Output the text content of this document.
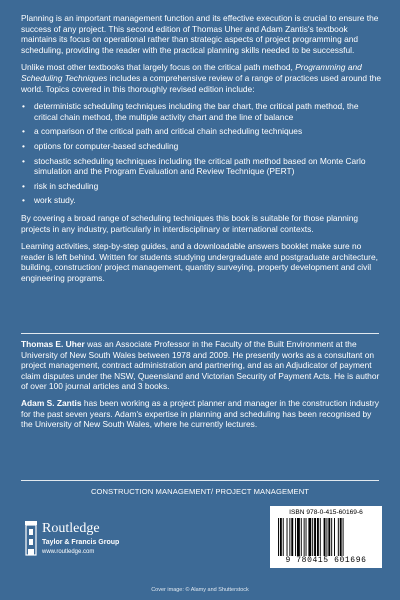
Planning is an important management function and its effective execution is crucial to ensure the success of any project. This second edition of Thomas Uher and Adam Zantis's textbook maintains its focus on operational rather than strategic aspects of project programming and scheduling, providing the reader with the practical planning skills needed to be successful.

Unlike most other textbooks that largely focus on the critical path method, Programming and Scheduling Techniques includes a comprehensive review of a range of practices used around the world. Topics covered in this thoroughly revised edition include:

• deterministic scheduling techniques including the bar chart, the critical path method, the critical chain method, the multiple activity chart and the line of balance
• a comparison of the critical path and critical chain scheduling techniques
• options for computer-based scheduling
• stochastic scheduling techniques including the critical path method based on Monte Carlo simulation and the Program Evaluation and Review Technique (PERT)
• risk in scheduling
• work study.

By covering a broad range of scheduling techniques this book is suitable for those planning projects in any industry, particularly in interdisciplinary or international contexts.

Learning activities, step-by-step guides, and a downloadable answers booklet make sure no reader is left behind. Written for students studying undergraduate and postgraduate architecture, building, construction/ project management, quantity surveying, property development and civil engineering programs.

Thomas E. Uher was an Associate Professor in the Faculty of the Built Environment at the University of New South Wales between 1978 and 2009. He presently works as a consultant on project management, contract administration and partnering, and as an Adjudicator of payment claim disputes under the NSW, Queensland and Victorian Security of Payment Acts. He is author of over 100 journal articles and 3 books.

Adam S. Zantis has been working as a project planner and manager in the construction industry for the past seven years. Adam's expertise in planning and scheduling has been recognised by the University of New South Wales, where he currently lectures.

CONSTRUCTION MANAGEMENT/ PROJECT MANAGEMENT
Routledge
Taylor & Francis Group
www.routledge.com
ISBN 978-0-415-60169-6
9 780415 601696
Cover image: © Alamy and Shutterstock
